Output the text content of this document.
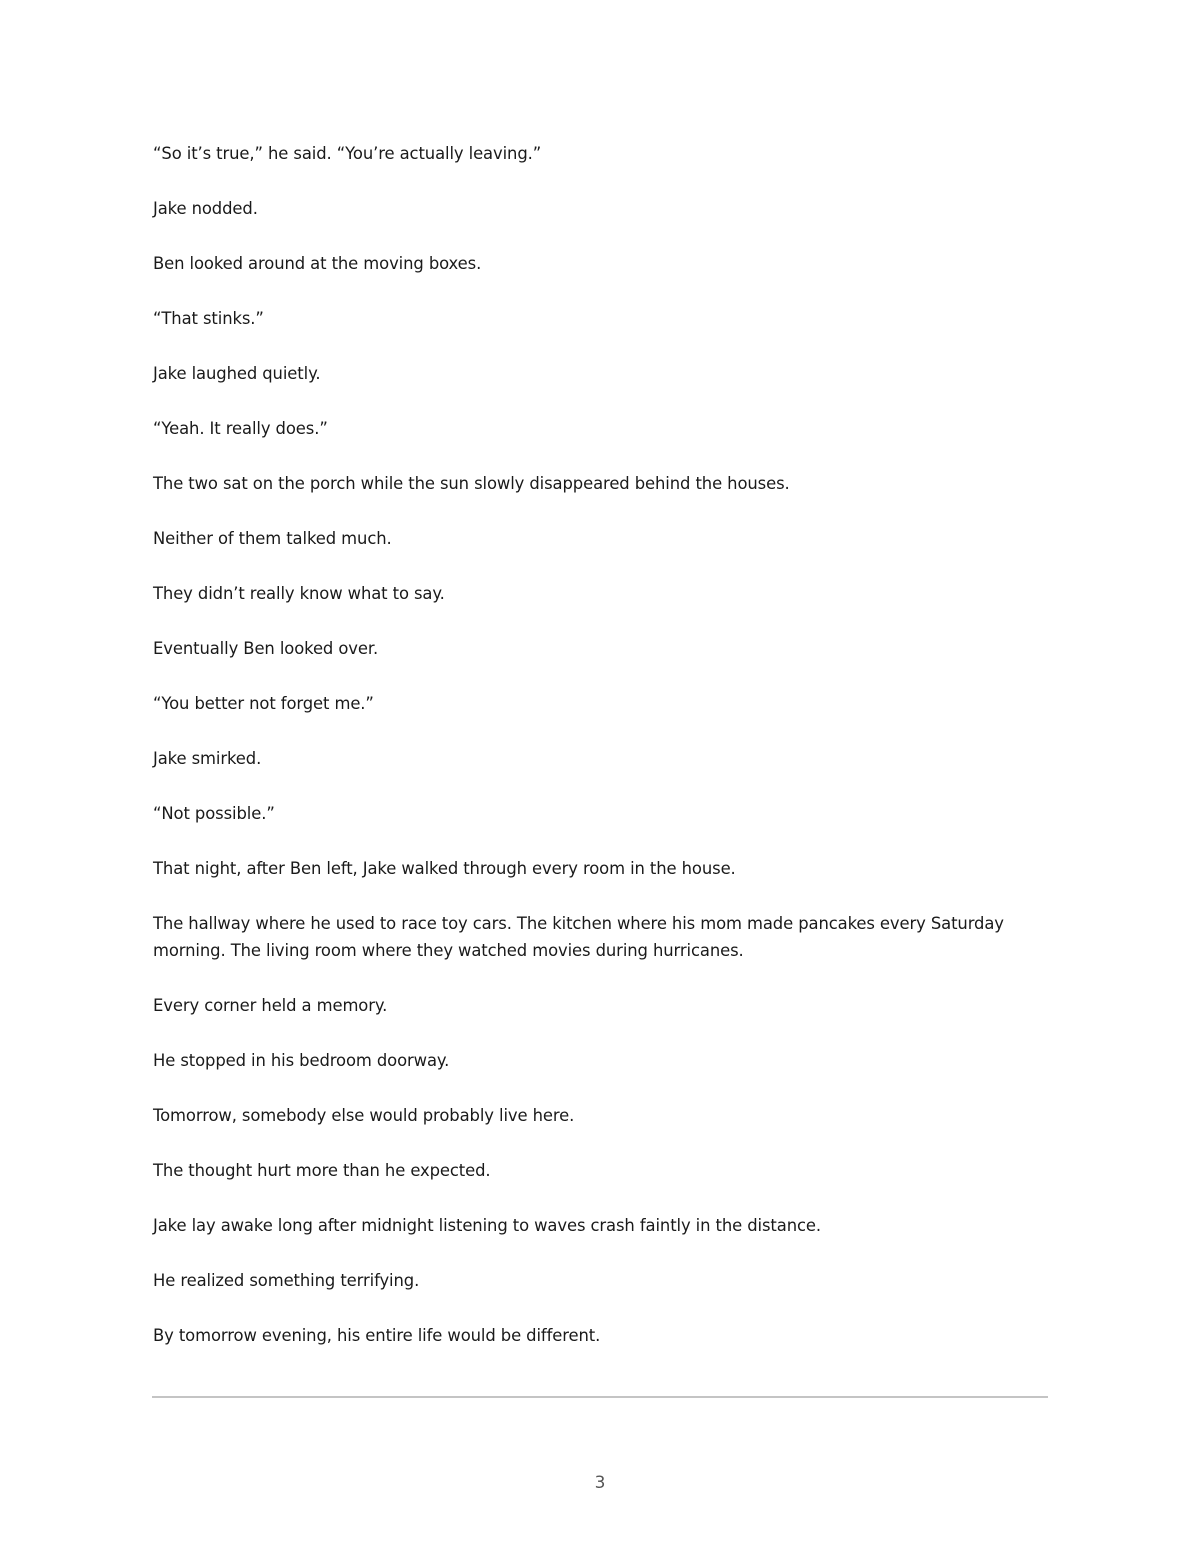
“So it’s true,” he said. “You’re actually leaving.”

Jake nodded.

Ben looked around at the moving boxes.

“That stinks.”

Jake laughed quietly.

“Yeah. It really does.”

The two sat on the porch while the sun slowly disappeared behind the houses.

Neither of them talked much.

They didn’t really know what to say.

Eventually Ben looked over.

“You better not forget me.”

Jake smirked.

“Not possible.”

That night, after Ben left, Jake walked through every room in the house.

The hallway where he used to race toy cars. The kitchen where his mom made pancakes every Saturday morning. The living room where they watched movies during hurricanes.

Every corner held a memory.

He stopped in his bedroom doorway.

Tomorrow, somebody else would probably live here.

The thought hurt more than he expected.

Jake lay awake long after midnight listening to waves crash faintly in the distance.

He realized something terrifying.

By tomorrow evening, his entire life would be different.

3
